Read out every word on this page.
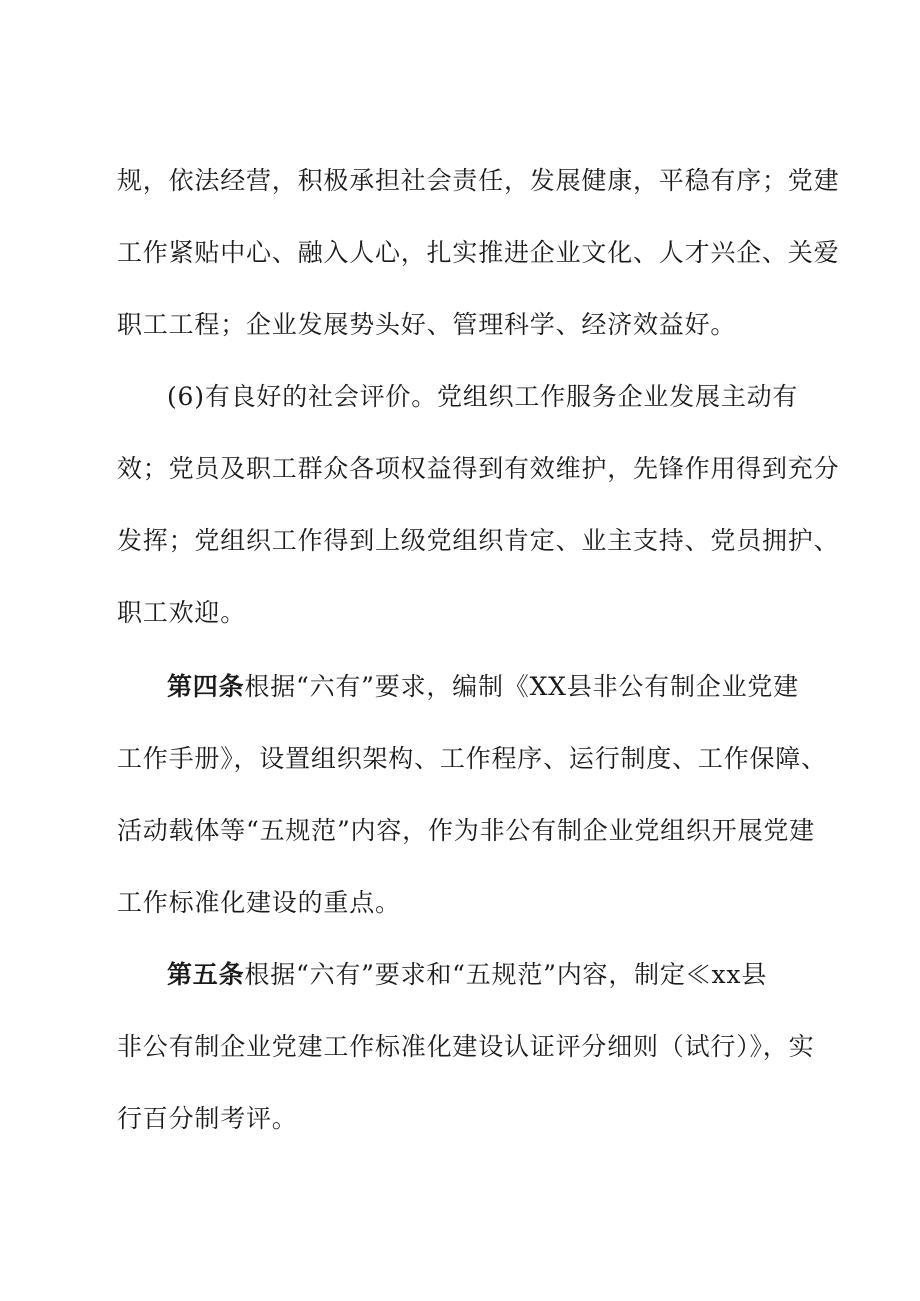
规，依法经营，积极承担社会责任，发展健康，平稳有序；党建
工作紧贴中心、融入人心，扎实推进企业文化、人才兴企、关爱
职工工程；企业发展势头好、管理科学、经济效益好。
(6)有良好的社会评价。党组织工作服务企业发展主动有
效；党员及职工群众各项权益得到有效维护，先锋作用得到充分
发挥；党组织工作得到上级党组织肯定、业主支持、党员拥护、
职工欢迎。
第四条根据“六有”要求，编制《XX县非公有制企业党建
工作手册》，设置组织架构、工作程序、运行制度、工作保障、
活动载体等“五规范”内容，作为非公有制企业党组织开展党建
工作标准化建设的重点。
第五条根据“六有”要求和“五规范”内容，制定≪xx县
非公有制企业党建工作标准化建设认证评分细则（试行）》，实
行百分制考评。
